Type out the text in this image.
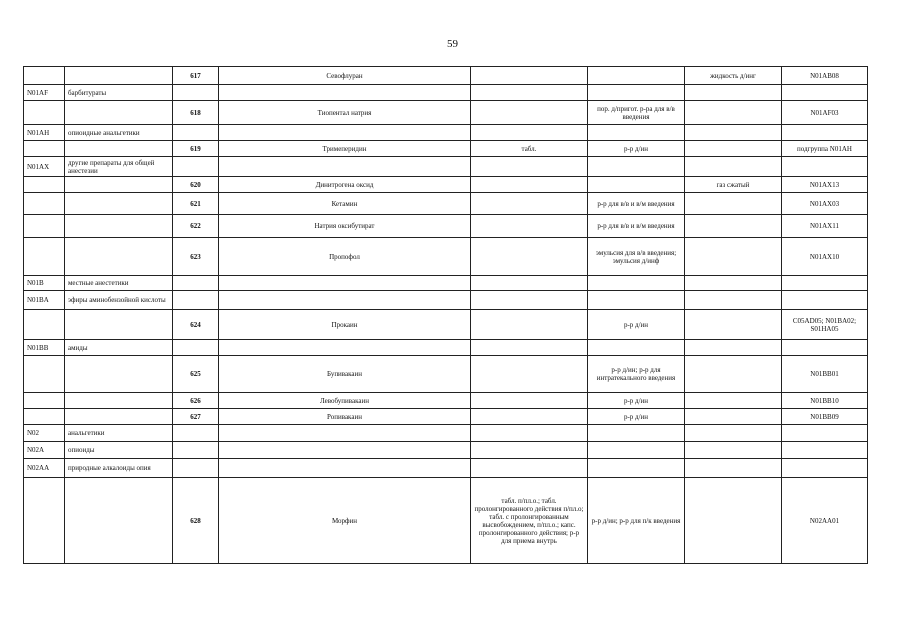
59
		617	Севофлуран			жидкость д/инг	N01AB08
N01AF	барбитураты						
		618	Тиопентал натрия		пор. д/пригот. р-ра для в/в введения		N01AF03
N01AH	опиоидные анальгетики						
		619	Тримеперидин	табл.	р-р д/ин		подгруппа N01AH
N01AX	другие препараты для общей анестезии						
		620	Динитрогена оксид			газ сжатый	N01AX13
		621	Кетамин		р-р для в/в и в/м введения		N01AX03
		622	Натрия оксибутират		р-р для в/в и в/м введения		N01AX11
		623	Пропофол		эмульсия для в/в введения; эмульсия д/инф		N01AX10
N01B	местные анестетики						
N01BA	эфиры аминобензойной кислоты						
		624	Прокаин		р-р д/ин		C05AD05; N01BA02; S01HA05
N01BB	амиды						
		625	Бупивакаин		р-р д/ин; р-р для интратекального введения		N01BB01
		626	Левобупивакаин		р-р д/ин		N01BB10
		627	Ропивакаин		р-р д/ин		N01BB09
N02	анальгетики						
N02A	опиоиды						
N02AA	природные алкалоиды опия						
		628	Морфин	табл. п/пл.о.; табл. пролонгированного действия п/пл.о; табл. с пролонгированным высвобождением, п/пл.о.; капс. пролонгированного действия; р-р для приема внутрь	р-р д/ин; р-р для п/к введения		N02AA01
